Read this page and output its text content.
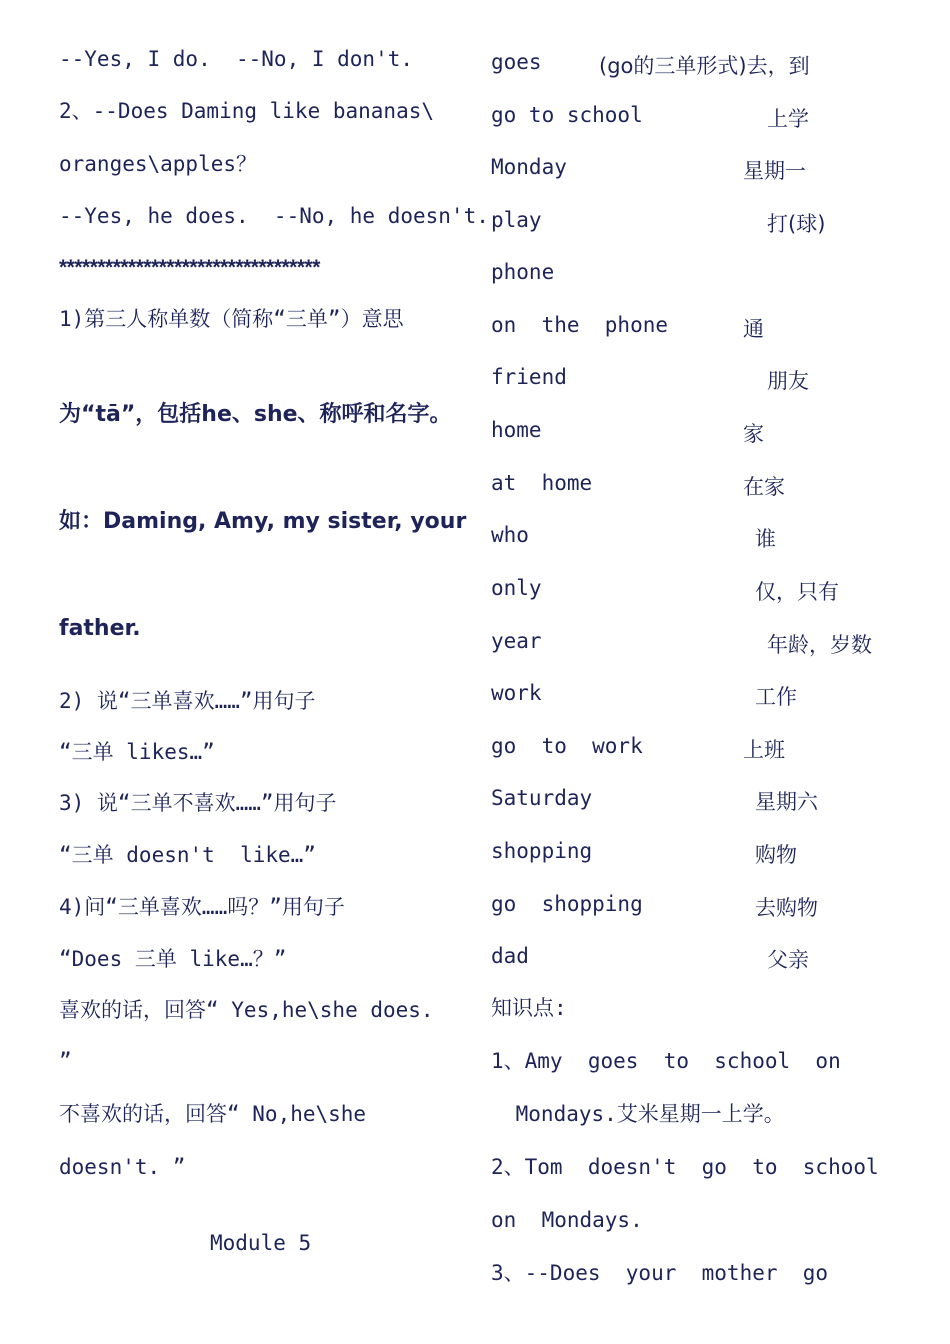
--Yes, I do.  --No, I don't.
2、--Does Daming like bananas\
oranges\apples？
--Yes, he does.  --No, he doesn't.
**********************************
1)第三人称单数（简称“三单”）意思
为“tā”，包括he、she、称呼和名字。
如：Daming, Amy, my sister, your
father.
2) 说“三单喜欢……”用句子
“三单 likes…”
3) 说“三单不喜欢……”用句子
“三单 doesn't  like…”
4)问“三单喜欢……吗？”用句子
“Does 三单 like…？”
喜欢的话，回答“ Yes,he\she does.
”
不喜欢的话，回答“ No,he\she
doesn't. ”
Module 5
goes	(go的三单形式)去，到
go to school	上学
Monday	星期一
play	打(球)
phone
on  the  phone	通
friend	朋友
home	家
at  home	在家
who	谁
only	仅，只有
year	年龄，岁数
work	工作
go  to  work	上班
Saturday	星期六
shopping	购物
go  shopping	去购物
dad	父亲
知识点:
1、Amy  goes  to  school  on
Mondays.艾米星期一上学。
2、Tom  doesn't  go  to  school
on  Mondays.
3、--Does  your  mother  go
